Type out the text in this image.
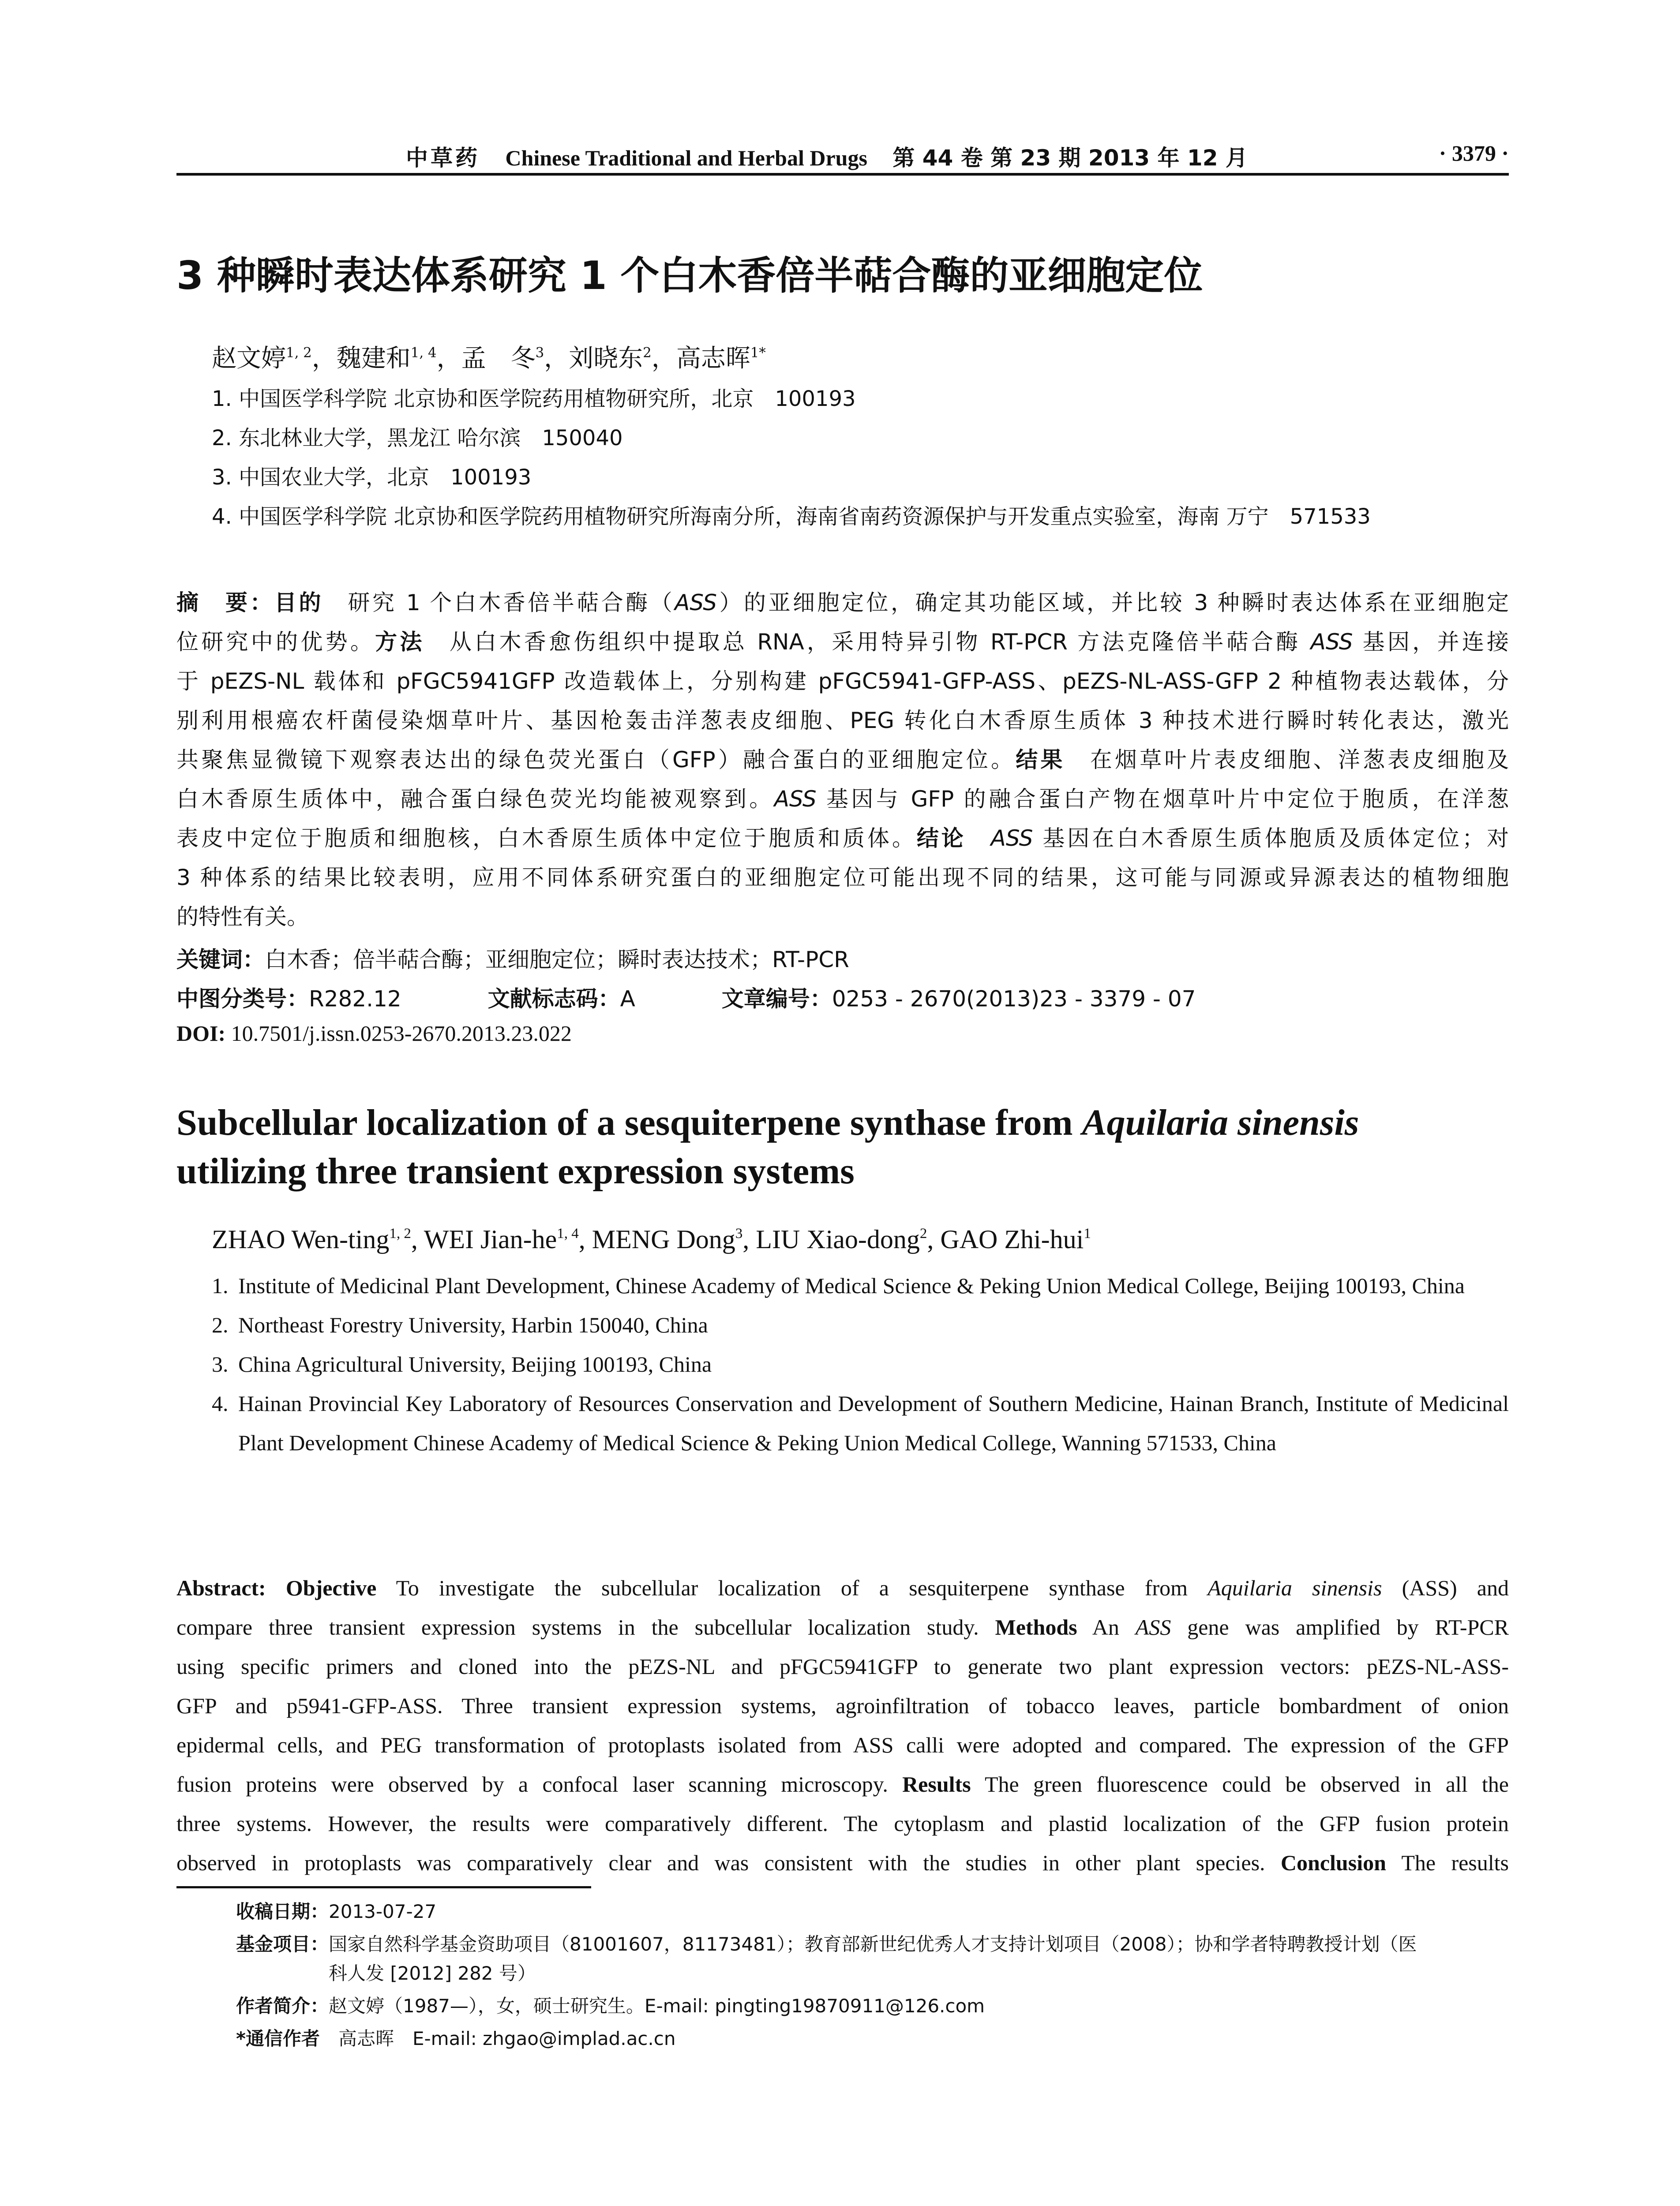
中草药 Chinese Traditional and Herbal Drugs 第 44 卷 第 23 期 2013 年 12 月	· 3379 ·
3 种瞬时表达体系研究 1 个白木香倍半萜合酶的亚细胞定位
赵文婷$^{1, 2}$，魏建和$^{1, 4}$，孟　冬$^3$，刘晓东$^2$，高志晖$^{1*}$
1. 中国医学科学院 北京协和医学院药用植物研究所，北京　100193
2. 东北林业大学，黑龙江 哈尔滨　150040
3. 中国农业大学，北京　100193
4. 中国医学科学院 北京协和医学院药用植物研究所海南分所，海南省南药资源保护与开发重点实验室，海南 万宁　571533
摘　要：目的　研究 1 个白木香倍半萜合酶（ASS）的亚细胞定位，确定其功能区域，并比较 3 种瞬时表达体系在亚细胞定
位研究中的优势。方法　从白木香愈伤组织中提取总 RNA，采用特异引物 RT-PCR 方法克隆倍半萜合酶 ASS 基因，并连接
于 pEZS-NL 载体和 pFGC5941GFP 改造载体上，分别构建 pFGC5941-GFP-ASS、pEZS-NL-ASS-GFP 2 种植物表达载体，分
别利用根癌农杆菌侵染烟草叶片、基因枪轰击洋葱表皮细胞、PEG 转化白木香原生质体 3 种技术进行瞬时转化表达，激光
共聚焦显微镜下观察表达出的绿色荧光蛋白（GFP）融合蛋白的亚细胞定位。结果　在烟草叶片表皮细胞、洋葱表皮细胞及
白木香原生质体中，融合蛋白绿色荧光均能被观察到。ASS 基因与 GFP 的融合蛋白产物在烟草叶片中定位于胞质，在洋葱
表皮中定位于胞质和细胞核，白木香原生质体中定位于胞质和质体。结论　 ASS 基因在白木香原生质体胞质及质体定位；对
3 种体系的结果比较表明，应用不同体系研究蛋白的亚细胞定位可能出现不同的结果，这可能与同源或异源表达的植物细胞
的特性有关。
关键词：白木香；倍半萜合酶；亚细胞定位；瞬时表达技术；RT-PCR
中图分类号：R282.12	文献标志码：A	文章编号：0253 - 2670(2013)23 - 3379 - 07
DOI: 10.7501/j.issn.0253-2670.2013.23.022
Subcellular localization of a sesquiterpene synthase from Aquilaria sinensis
utilizing three transient expression systems
ZHAO Wen-ting$^{1, 2}$, WEI Jian-he$^{1, 4}$, MENG Dong$^3$, LIU Xiao-dong$^2$, GAO Zhi-hui$^1$
1. Institute of Medicinal Plant Development, Chinese Academy of Medical Science & Peking Union Medical College, Beijing 100193, China
2. Northeast Forestry University, Harbin 150040, China
3. China Agricultural University, Beijing 100193, China
4. Hainan Provincial Key Laboratory of Resources Conservation and Development of Southern Medicine, Hainan Branch, Institute of Medicinal Plant Development Chinese Academy of Medical Science & Peking Union Medical College, Wanning 571533, China
Abstract: Objective To investigate the subcellular localization of a sesquiterpene synthase from Aquilaria sinensis (ASS) and
compare three transient expression systems in the subcellular localization study. Methods An ASS gene was amplified by RT-PCR
using specific primers and cloned into the pEZS-NL and pFGC5941GFP to generate two plant expression vectors: pEZS-NL-ASS-
GFP and p5941-GFP-ASS. Three transient expression systems, agroinfiltration of tobacco leaves, particle bombardment of onion
epidermal cells, and PEG transformation of protoplasts isolated from ASS calli were adopted and compared. The expression of the GFP
fusion proteins were observed by a confocal laser scanning microscopy. Results The green fluorescence could be observed in all the
three systems. However, the results were comparatively different. The cytoplasm and plastid localization of the GFP fusion protein
observed in protoplasts was comparatively clear and was consistent with the studies in other plant species. Conclusion The results
收稿日期：2013-07-27
基金项目：国家自然科学基金资助项目（81001607，81173481）；教育部新世纪优秀人才支持计划项目（2008）；协和学者特聘教授计划（医
科人发 [2012] 282 号）
作者简介：赵文婷（1987—），女，硕士研究生。E-mail: pingting19870911@126.com
*通信作者　高志晖　E-mail: zhgao@implad.ac.cn
